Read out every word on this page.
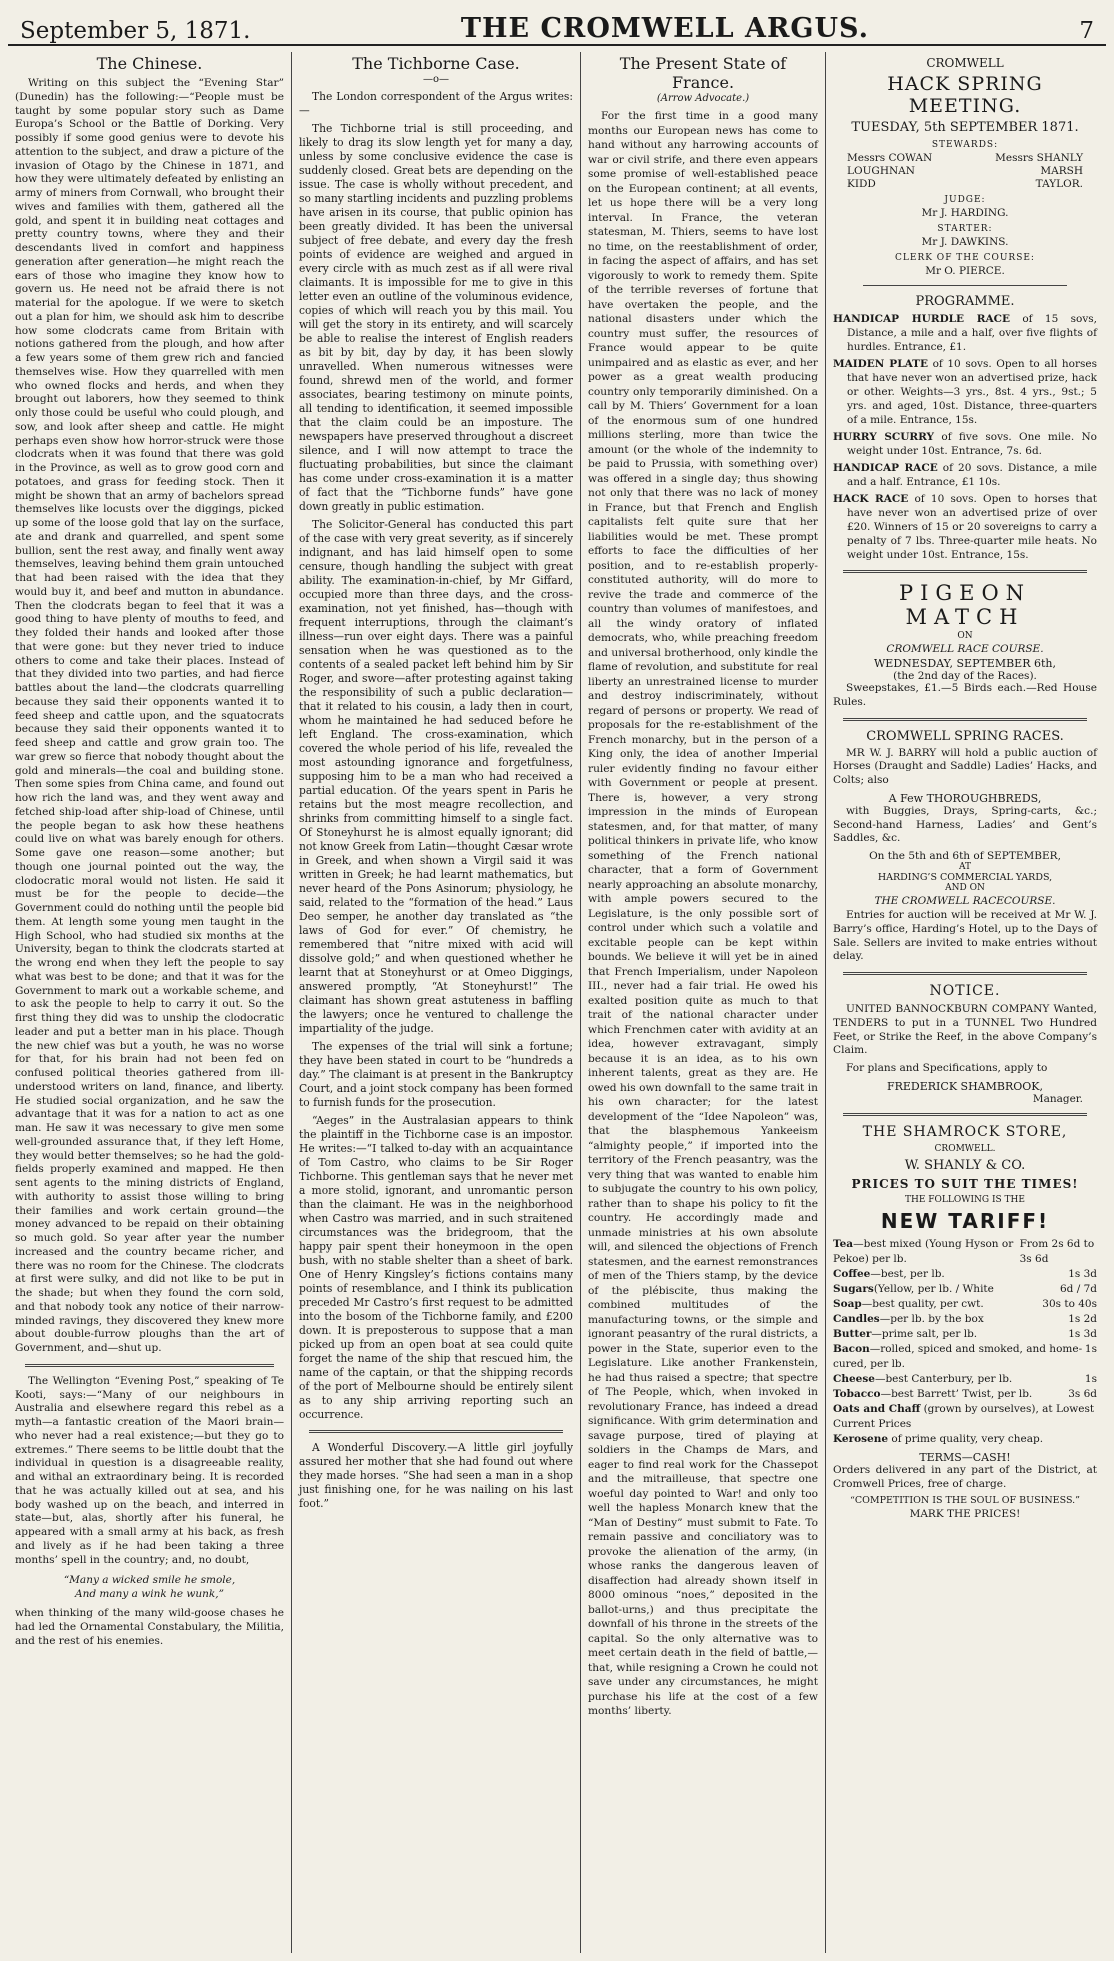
September 5, 1871.	THE CROMWELL ARGUS.	7
The Chinese.

Writing on this subject the “Evening Star” (Dunedin) has the following:—“People must be taught by some popular story such as Dame Europa’s School or the Battle of Dorking. Very possibly if some good genius were to devote his attention to the subject, and draw a picture of the invasion of Otago by the Chinese in 1871, and how they were ultimately defeated by enlisting an army of miners from Cornwall, who brought their wives and families with them, gathered all the gold, and spent it in building neat cottages and pretty country towns, where they and their descendants lived in comfort and happiness generation after generation—he might reach the ears of those who imagine they know how to govern us. He need not be afraid there is not material for the apologue. If we were to sketch out a plan for him, we should ask him to describe how some clodcrats came from Britain with notions gathered from the plough, and how after a few years some of them grew rich and fancied themselves wise. How they quarrelled with men who owned flocks and herds, and when they brought out laborers, how they seemed to think only those could be useful who could plough, and sow, and look after sheep and cattle. He might perhaps even show how horror-struck were those clodcrats when it was found that there was gold in the Province, as well as to grow good corn and potatoes, and grass for feeding stock. Then it might be shown that an army of bachelors spread themselves like locusts over the diggings, picked up some of the loose gold that lay on the surface, ate and drank and quarrelled, and spent some bullion, sent the rest away, and finally went away themselves, leaving behind them grain untouched that had been raised with the idea that they would buy it, and beef and mutton in abundance. Then the clodcrats began to feel that it was a good thing to have plenty of mouths to feed, and they folded their hands and looked after those that were gone: but they never tried to induce others to come and take their places. Instead of that they divided into two parties, and had fierce battles about the land—the clodcrats quarrelling because they said their opponents wanted it to feed sheep and cattle upon, and the squatocrats because they said their opponents wanted it to feed sheep and cattle and grow grain too. The war grew so fierce that nobody thought about the gold and minerals—the coal and building stone. Then some spies from China came, and found out how rich the land was, and they went away and fetched ship-load after ship-load of Chinese, until the people began to ask how these heathens could live on what was barely enough for others. Some gave one reason—some another; but though one journal pointed out the way, the clodocratic moral would not listen. He said it must be for the people to decide—the Government could do nothing until the people bid them. At length some young men taught in the High School, who had studied six months at the University, began to think the clodcrats started at the wrong end when they left the people to say what was best to be done; and that it was for the Government to mark out a workable scheme, and to ask the people to help to carry it out. So the first thing they did was to unship the clodocratic leader and put a better man in his place. Though the new chief was but a youth, he was no worse for that, for his brain had not been fed on confused political theories gathered from ill-understood writers on land, finance, and liberty. He studied social organization, and he saw the advantage that it was for a nation to act as one man. He saw it was necessary to give men some well-grounded assurance that, if they left Home, they would better themselves; so he had the gold-fields properly examined and mapped. He then sent agents to the mining districts of England, with authority to assist those willing to bring their families and work certain ground—the money advanced to be repaid on their obtaining so much gold. So year after year the number increased and the country became richer, and there was no room for the Chinese. The clodcrats at first were sulky, and did not like to be put in the shade; but when they found the corn sold, and that nobody took any notice of their narrow-minded ravings, they discovered they knew more about double-furrow ploughs than the art of Government, and—shut up.

The Wellington “Evening Post,” speaking of Te Kooti, says:—“Many of our neighbours in Australia and elsewhere regard this rebel as a myth—a fantastic creation of the Maori brain—who never had a real existence;—but they go to extremes.” There seems to be little doubt that the individual in question is a disagreeable reality, and withal an extraordinary being. It is recorded that he was actually killed out at sea, and his body washed up on the beach, and interred in state—but, alas, shortly after his funeral, he appeared with a small army at his back, as fresh and lively as if he had been taking a three months’ spell in the country; and, no doubt,

“Many a wicked smile he smole,
And many a wink he wunk,”

when thinking of the many wild-goose chases he had led the Ornamental Constabulary, the Militia, and the rest of his enemies.

The Tichborne Case.
—o—

The London correspondent of the Argus writes:—

The Tichborne trial is still proceeding, and likely to drag its slow length yet for many a day, unless by some conclusive evidence the case is suddenly closed. Great bets are depending on the issue. The case is wholly without precedent, and so many startling incidents and puzzling problems have arisen in its course, that public opinion has been greatly divided. It has been the universal subject of free debate, and every day the fresh points of evidence are weighed and argued in every circle with as much zest as if all were rival claimants. It is impossible for me to give in this letter even an outline of the voluminous evidence, copies of which will reach you by this mail. You will get the story in its entirety, and will scarcely be able to realise the interest of English readers as bit by bit, day by day, it has been slowly unravelled. When numerous witnesses were found, shrewd men of the world, and former associates, bearing testimony on minute points, all tending to identification, it seemed impossible that the claim could be an imposture. The newspapers have preserved throughout a discreet silence, and I will now attempt to trace the fluctuating probabilities, but since the claimant has come under cross-examination it is a matter of fact that the “Tichborne funds” have gone down greatly in public estimation.

The Solicitor-General has conducted this part of the case with very great severity, as if sincerely indignant, and has laid himself open to some censure, though handling the subject with great ability. The examination-in-chief, by Mr Giffard, occupied more than three days, and the cross-examination, not yet finished, has—though with frequent interruptions, through the claimant’s illness—run over eight days. There was a painful sensation when he was questioned as to the contents of a sealed packet left behind him by Sir Roger, and swore—after protesting against taking the responsibility of such a public declaration—that it related to his cousin, a lady then in court, whom he maintained he had seduced before he left England. The cross-examination, which covered the whole period of his life, revealed the most astounding ignorance and forgetfulness, supposing him to be a man who had received a partial education. Of the years spent in Paris he retains but the most meagre recollection, and shrinks from committing himself to a single fact. Of Stoneyhurst he is almost equally ignorant; did not know Greek from Latin—thought Cæsar wrote in Greek, and when shown a Virgil said it was written in Greek; he had learnt mathematics, but never heard of the Pons Asinorum; physiology, he said, related to the “formation of the head.” Laus Deo semper, he another day translated as “the laws of God for ever.” Of chemistry, he remembered that “nitre mixed with acid will dissolve gold;” and when questioned whether he learnt that at Stoneyhurst or at Omeo Diggings, answered promptly, “At Stoneyhurst!” The claimant has shown great astuteness in baffling the lawyers; once he ventured to challenge the impartiality of the judge.

The expenses of the trial will sink a fortune; they have been stated in court to be “hundreds a day.” The claimant is at present in the Bankruptcy Court, and a joint stock company has been formed to furnish funds for the prosecution.

“Aeges” in the Australasian appears to think the plaintiff in the Tichborne case is an impostor. He writes:—“I talked to-day with an acquaintance of Tom Castro, who claims to be Sir Roger Tichborne. This gentleman says that he never met a more stolid, ignorant, and unromantic person than the claimant. He was in the neighborhood when Castro was married, and in such straitened circumstances was the bridegroom, that the happy pair spent their honeymoon in the open bush, with no stable shelter than a sheet of bark. One of Henry Kingsley’s fictions contains many points of resemblance, and I think its publication preceded Mr Castro’s first request to be admitted into the bosom of the Tichborne family, and £200 down. It is preposterous to suppose that a man picked up from an open boat at sea could quite forget the name of the ship that rescued him, the name of the captain, or that the shipping records of the port of Melbourne should be entirely silent as to any ship arriving reporting such an occurrence.

A Wonderful Discovery.—A little girl joyfully assured her mother that she had found out where they made horses. “She had seen a man in a shop just finishing one, for he was nailing on his last foot.”

The Present State of France.
(Arrow Advocate.)

For the first time in a good many months our European news has come to hand without any harrowing accounts of war or civil strife, and there even appears some promise of well-established peace on the European continent; at all events, let us hope there will be a very long interval. In France, the veteran statesman, M. Thiers, seems to have lost no time, on the reestablishment of order, in facing the aspect of affairs, and has set vigorously to work to remedy them. Spite of the terrible reverses of fortune that have overtaken the people, and the national disasters under which the country must suffer, the resources of France would appear to be quite unimpaired and as elastic as ever, and her power as a great wealth producing country only temporarily diminished. On a call by M. Thiers’ Government for a loan of the enormous sum of one hundred millions sterling, more than twice the amount (or the whole of the indemnity to be paid to Prussia, with something over) was offered in a single day; thus showing not only that there was no lack of money in France, but that French and English capitalists felt quite sure that her liabilities would be met. These prompt efforts to face the difficulties of her position, and to re-establish properly-constituted authority, will do more to revive the trade and commerce of the country than volumes of manifestoes, and all the windy oratory of inflated democrats, who, while preaching freedom and universal brotherhood, only kindle the flame of revolution, and substitute for real liberty an unrestrained license to murder and destroy indiscriminately, without regard of persons or property. We read of proposals for the re-establishment of the French monarchy, but in the person of a King only, the idea of another Imperial ruler evidently finding no favour either with Government or people at present. There is, however, a very strong impression in the minds of European statesmen, and, for that matter, of many political thinkers in private life, who know something of the French national character, that a form of Government nearly approaching an absolute monarchy, with ample powers secured to the Legislature, is the only possible sort of control under which such a volatile and excitable people can be kept within bounds. We believe it will yet be in ained that French Imperialism, under Napoleon III., never had a fair trial. He owed his exalted position quite as much to that trait of the national character under which Frenchmen cater with avidity at an idea, however extravagant, simply because it is an idea, as to his own inherent talents, great as they are. He owed his own downfall to the same trait in his own character; for the latest development of the “Idee Napoleon” was, that the blasphemous Yankeeism “almighty people,” if imported into the territory of the French peasantry, was the very thing that was wanted to enable him to subjugate the country to his own policy, rather than to shape his policy to fit the country. He accordingly made and unmade ministries at his own absolute will, and silenced the objections of French statesmen, and the earnest remonstrances of men of the Thiers stamp, by the device of the plébiscite, thus making the combined multitudes of the manufacturing towns, or the simple and ignorant peasantry of the rural districts, a power in the State, superior even to the Legislature. Like another Frankenstein, he had thus raised a spectre; that spectre of The People, which, when invoked in revolutionary France, has indeed a dread significance. With grim determination and savage purpose, tired of playing at soldiers in the Champs de Mars, and eager to find real work for the Chassepot and the mitrailleuse, that spectre one woeful day pointed to War! and only too well the hapless Monarch knew that the “Man of Destiny” must submit to Fate. To remain passive and conciliatory was to provoke the alienation of the army, (in whose ranks the dangerous leaven of disaffection had already shown itself in 8000 ominous “noes,” deposited in the ballot-urns,) and thus precipitate the downfall of his throne in the streets of the capital. So the only alternative was to meet certain death in the field of battle,—that, while resigning a Crown he could not save under any circumstances, he might purchase his life at the cost of a few months’ liberty.

CROMWELL
HACK SPRING MEETING.
TUESDAY, 5th SEPTEMBER 1871.
STEWARDS:
Messrs COWAN	Messrs SHANLY
LOUGHNAN	MARSH
KIDD	TAYLOR.
JUDGE:
Mr J. HARDING.
STARTER:
Mr J. DAWKINS.
CLERK OF THE COURSE:
Mr O. PIERCE.
PROGRAMME.

HANDICAP HURDLE RACE of 15 sovs, Distance, a mile and a half, over five flights of hurdles. Entrance, £1.

MAIDEN PLATE of 10 sovs. Open to all horses that have never won an advertised prize, hack or other. Weights—3 yrs., 8st. 4 yrs., 9st.; 5 yrs. and aged, 10st. Distance, three-quarters of a mile. Entrance, 15s.

HURRY SCURRY of five sovs. One mile. No weight under 10st. Entrance, 7s. 6d.

HANDICAP RACE of 20 sovs. Distance, a mile and a half. Entrance, £1 10s.

HACK RACE of 10 sovs. Open to horses that have never won an advertised prize of over £20. Winners of 15 or 20 sovereigns to carry a penalty of 7 lbs. Three-quarter mile heats. No weight under 10st. Entrance, 15s.

PIGEON MATCH
ON
CROMWELL RACE COURSE.
WEDNESDAY, SEPTEMBER 6th,
(the 2nd day of the Races).

Sweepstakes, £1.—5 Birds each.—Red House Rules.

CROMWELL SPRING RACES.

MR W. J. BARRY will hold a public auction of Horses (Draught and Saddle) Ladies’ Hacks, and Colts; also

A Few THOROUGHBREDS,

with Buggies, Drays, Spring-carts, &c.; Second-hand Harness, Ladies’ and Gent’s Saddles, &c.

On the 5th and 6th of SEPTEMBER,
AT
HARDING’S COMMERCIAL YARDS,
AND ON
THE CROMWELL RACECOURSE.

Entries for auction will be received at Mr W. J. Barry’s office, Harding’s Hotel, up to the Days of Sale. Sellers are invited to make entries without delay.

NOTICE.

UNITED BANNOCKBURN COMPANY Wanted, TENDERS to put in a TUNNEL Two Hundred Feet, or Strike the Reef, in the above Company’s Claim.

For plans and Specifications, apply to

FREDERICK SHAMBROOK,
Manager.
THE SHAMROCK STORE,
CROMWELL.
W. SHANLY & CO.
PRICES TO SUIT THE TIMES!
THE FOLLOWING IS THE
NEW TARIFF!
Tea—best mixed (Young Hyson or Pekoe) per lb.
From 2s 6d to 3s 6d
Coffee—best, per lb.	1s 3d
Sugars(Yellow, per lb. / White	6d / 7d
Soap—best quality, per cwt.	30s to 40s
Candles—per lb. by the box	1s 2d
Butter—prime salt, per lb.	1s 3d
Bacon—rolled, spiced and smoked, and home-cured, per lb.
1s
Cheese—best Canterbury, per lb.	1s
Tobacco—best Barrett’ Twist, per lb.	3s 6d
Oats and Chaff (grown by ourselves), at Lowest Current Prices
Kerosene of prime quality, very cheap.
TERMS—CASH!

Orders delivered in any part of the District, at Cromwell Prices, free of charge.

“COMPETITION IS THE SOUL OF BUSINESS.”
MARK THE PRICES!
